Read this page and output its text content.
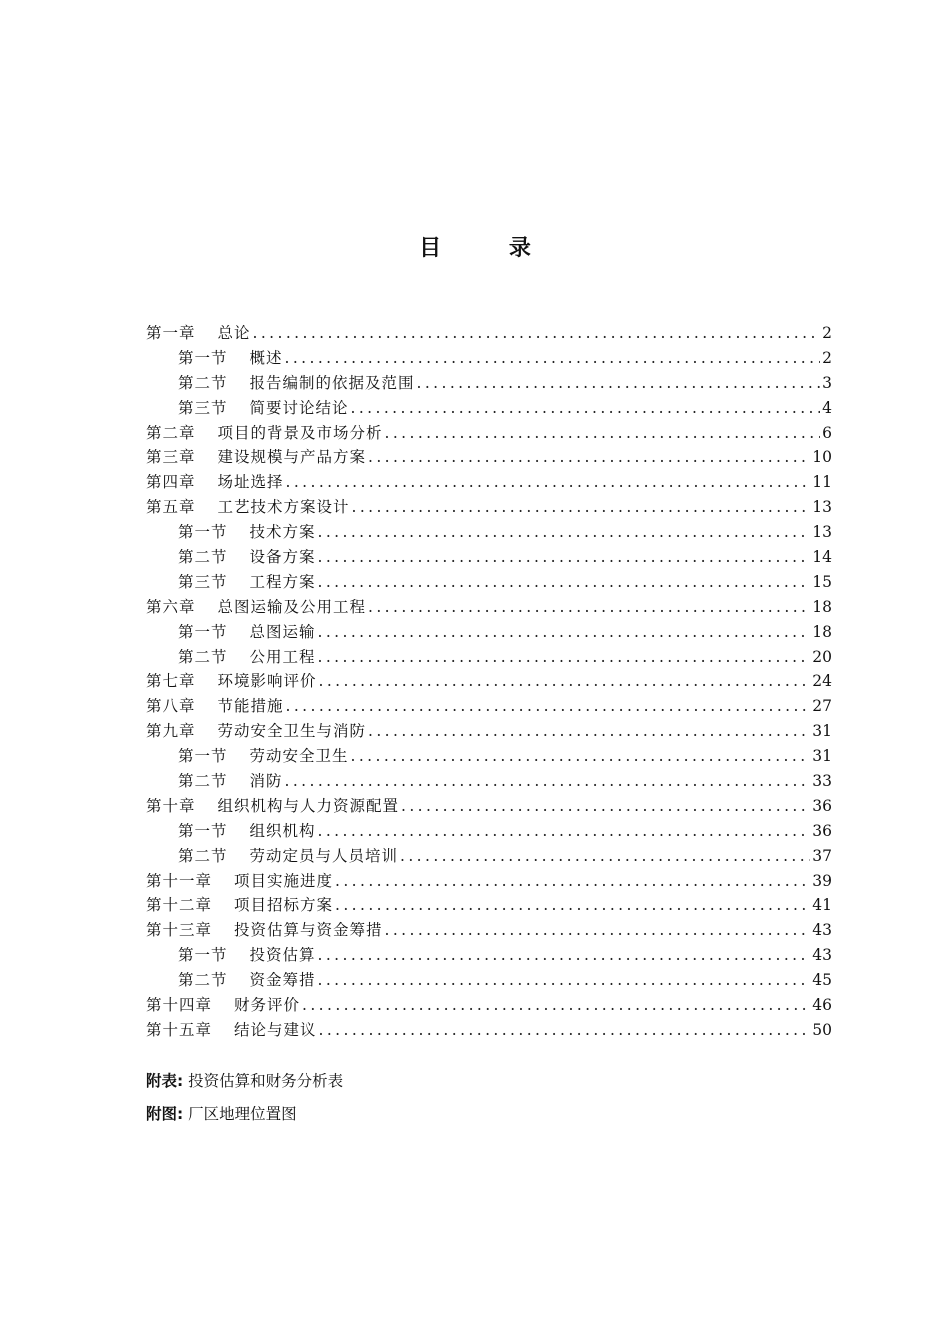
目 录
第一章 总论 .....	2
第一节 概述 .....	2
第二节 报告编制的依据及范围 .....	3
第三节 简要讨论结论 .....	4
第二章 项目的背景及市场分析 .....	6
第三章 建设规模与产品方案 .....	10
第四章 场址选择 .....	11
第五章 工艺技术方案设计 .....	13
第一节 技术方案 .....	13
第二节 设备方案 .....	14
第三节 工程方案 .....	15
第六章 总图运输及公用工程 .....	18
第一节 总图运输 .....	18
第二节 公用工程 .....	20
第七章 环境影响评价 .....	24
第八章 节能措施 .....	27
第九章 劳动安全卫生与消防 .....	31
第一节 劳动安全卫生 .....	31
第二节 消防 .....	33
第十章 组织机构与人力资源配置 .....	36
第一节 组织机构 .....	36
第二节 劳动定员与人员培训 .....	37
第十一章 项目实施进度 .....	39
第十二章 项目招标方案 .....	41
第十三章 投资估算与资金筹措 .....	43
第一节 投资估算 .....	43
第二节 资金筹措 .....	45
第十四章 财务评价 .....	46
第十五章 结论与建议 .....	50
附表: 投资估算和财务分析表
附图: 厂区地理位置图
